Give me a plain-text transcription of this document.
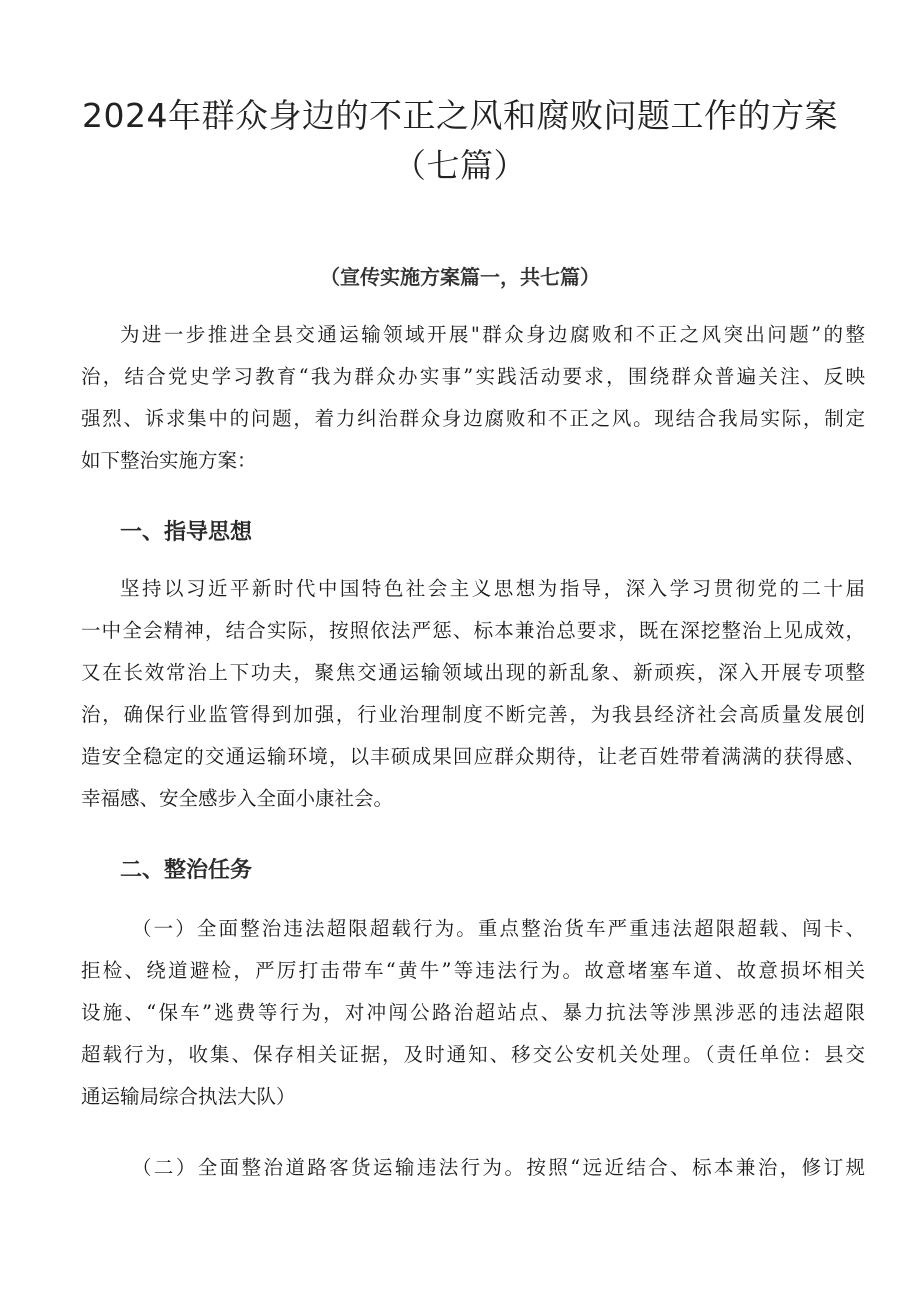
2024年群众身边的不正之风和腐败问题工作的方案
（七篇）
（宣传实施方案篇一，共七篇）

为进一步推进全县交通运输领域开展"群众身边腐败和不正之风突出问题”的整
治，结合党史学习教育“我为群众办实事”实践活动要求，围绕群众普遍关注、反映
强烈、诉求集中的问题，着力纠治群众身边腐败和不正之风。现结合我局实际，制定
如下整治实施方案：

一、指导思想

坚持以习近平新时代中国特色社会主义思想为指导，深入学习贯彻党的二十届
一中全会精神，结合实际，按照依法严惩、标本兼治总要求，既在深挖整治上见成效，
又在长效常治上下功夫，聚焦交通运输领域出现的新乱象、新顽疾，深入开展专项整
治，确保行业监管得到加强，行业治理制度不断完善，为我县经济社会高质量发展创
造安全稳定的交通运输环境，以丰硕成果回应群众期待，让老百姓带着满满的获得感、
幸福感、安全感步入全面小康社会。

二、整治任务

（一）全面整治违法超限超载行为。重点整治货车严重违法超限超载、闯卡、
拒检、绕道避检，严厉打击带车“黄牛”等违法行为。故意堵塞车道、故意损坏相关
设施、“保车”逃费等行为，对冲闯公路治超站点、暴力抗法等涉黑涉恶的违法超限
超载行为，收集、保存相关证据，及时通知、移交公安机关处理。（责任单位：县交
通运输局综合执法大队）

（二）全面整治道路客货运输违法行为。按照“远近结合、标本兼治，修订规
